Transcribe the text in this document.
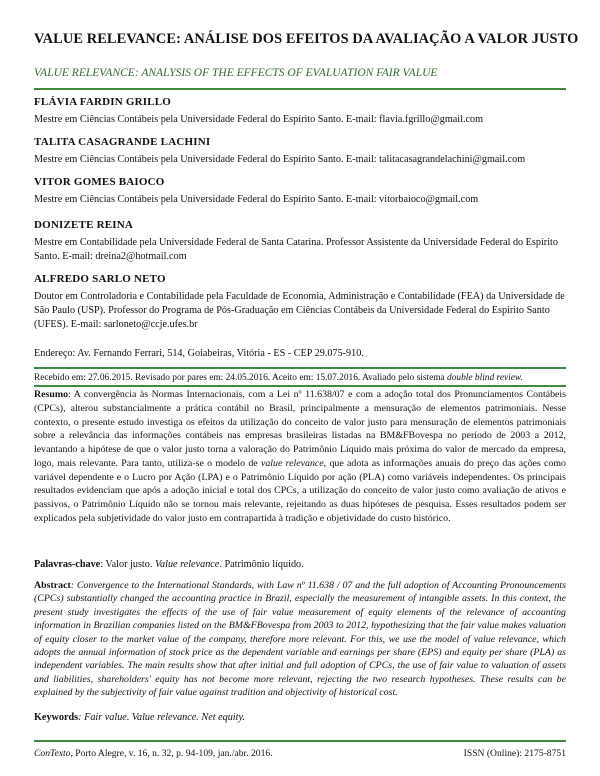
VALUE RELEVANCE: ANÁLISE DOS EFEITOS DA AVALIAÇÃO A VALOR JUSTO
VALUE RELEVANCE: ANALYSIS OF THE EFFECTS OF EVALUATION FAIR VALUE
FLÁVIA FARDIN GRILLO
Mestre em Ciências Contábeis pela Universidade Federal do Espírito Santo. E-mail: flavia.fgrillo@gmail.com
TALITA CASAGRANDE LACHINI
Mestre em Ciências Contábeis pela Universidade Federal do Espírito Santo. E-mail: talitacasagrandelachini@gmail.com
VITOR GOMES BAIOCO
Mestre em Ciências Contábeis pela Universidade Federal do Espírito Santo. E-mail: vitorbaioco@gmail.com
DONIZETE REINA
Mestre em Contabilidade pela Universidade Federal de Santa Catarina. Professor Assistente da Universidade Federal do Espírito Santo. E-mail: dreina2@hotmail.com
ALFREDO SARLO NETO
Doutor em Controladoria e Contabilidade pela Faculdade de Economia, Administração e Contabilidade (FEA) da Universidade de São Paulo (USP). Professor do Programa de Pós-Graduação em Ciências Contábeis da Universidade Federal do Espírito Santo (UFES). E-mail: sarloneto@ccje.ufes.br
Endereço: Av. Fernando Ferrari, 514, Goiabeiras, Vitória - ES - CEP 29.075-910.
Recebido em: 27.06.2015. Revisado por pares em: 24.05.2016. Aceito em: 15.07.2016. Avaliado pelo sistema double blind review.
Resumo: A convergência às Normas Internacionais, com a Lei nº 11.638/07 e com a adoção total dos Pronunciamentos Contábeis (CPCs), alterou substancialmente a prática contábil no Brasil, principalmente a mensuração de elementos patrimoniais. Nesse contexto, o presente estudo investiga os efeitos da utilização do conceito de valor justo para mensuração de elementos patrimoniais sobre a relevância das informações contábeis nas empresas brasileiras listadas na BM&FBovespa no período de 2003 a 2012, levantando a hipótese de que o valor justo torna a valoração do Patrimônio Líquido mais próxima do valor de mercado da empresa, logo, mais relevante. Para tanto, utiliza-se o modelo de value relevance, que adota as informações anuais do preço das ações como variável dependente e o Lucro por Ação (LPA) e o Patrimônio Líquido por ação (PLA) como variáveis independentes. Os principais resultados evidenciam que após a adoção inicial e total dos CPCs, a utilização do conceito de valor justo como avaliação de ativos e passivos, o Patrimônio Líquido não se tornou mais relevante, rejeitando as duas hipóteses de pesquisa. Esses resultados podem ser explicados pela subjetividade do valor justo em contrapartida à tradição e objetividade do custo histórico.
Palavras-chave: Valor justo. Value relevance. Patrimônio líquido.
Abstract: Convergence to the International Standards, with Law nº 11.638 / 07 and the full adoption of Accounting Pronouncements (CPCs) substantially changed the accounting practice in Brazil, especially the measurement of intangible assets. In this context, the present study investigates the effects of the use of fair value measurement of equity elements of the relevance of accounting information in Brazilian companies listed on the BM&FBovespa from 2003 to 2012, hypothesizing that the fair value makes valuation of equity closer to the market value of the company, therefore more relevant. For this, we use the model of value relevance, which adopts the annual information of stock price as the dependent variable and earnings per share (EPS) and equity per share (PLA) as independent variables. The main results show that after initial and full adoption of CPCs, the use of fair value to valuation of assets and liabilities, shareholders' equity has not become more relevant, rejecting the two research hypotheses. These results can be explained by the subjectivity of fair value against tradition and objectivity of historical cost.
Keywords: Fair value. Value relevance. Net equity.
ConTexto, Porto Alegre, v. 16, n. 32, p. 94-109, jan./abr. 2016.	ISSN (Online): 2175-8751
